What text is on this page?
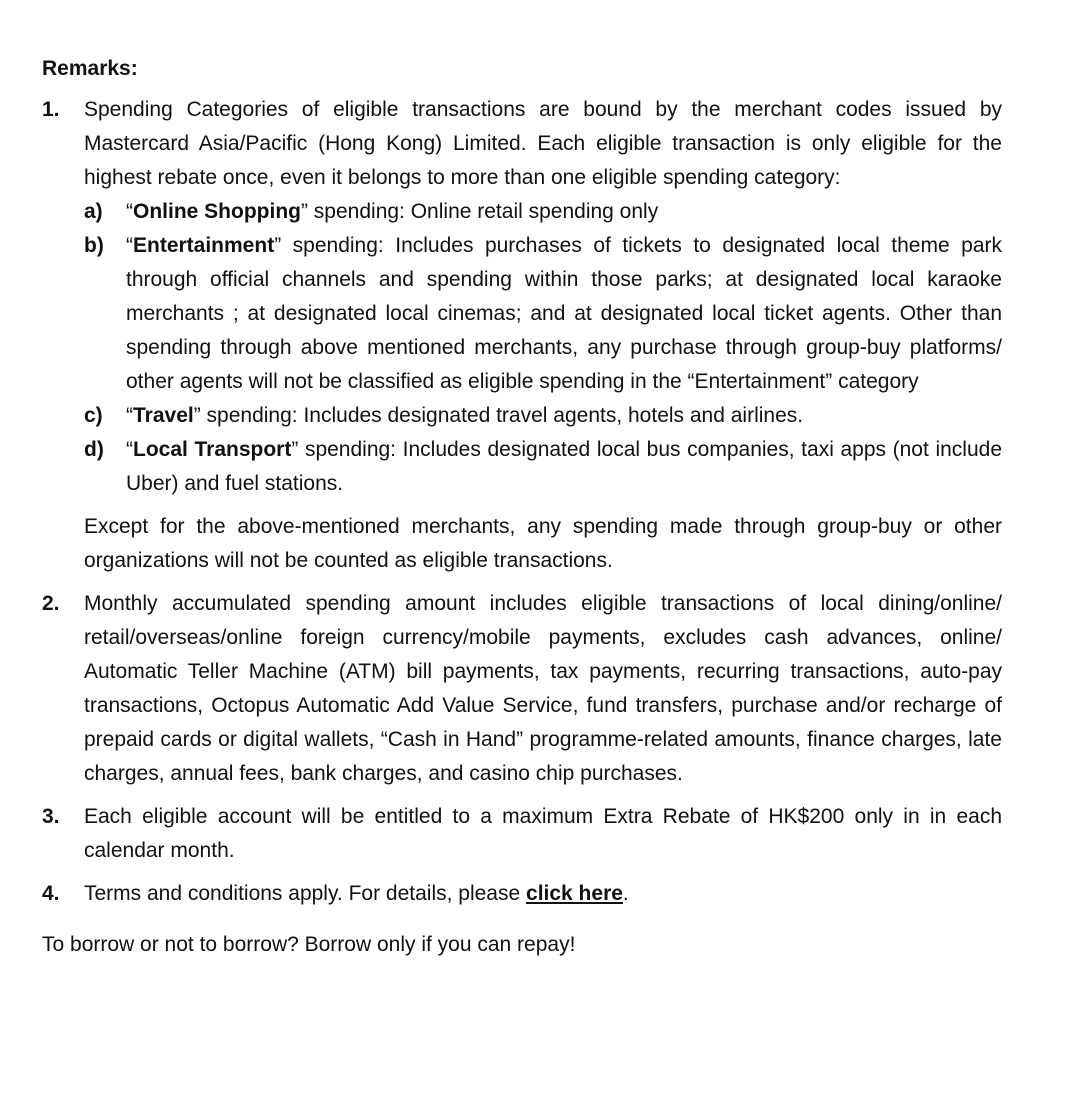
Remarks:
1. Spending Categories of eligible transactions are bound by the merchant codes issued by Mastercard Asia/Pacific (Hong Kong) Limited. Each eligible transaction is only eligible for the highest rebate once, even it belongs to more than one eligible spending category:
a) “Online Shopping” spending: Online retail spending only
b) “Entertainment” spending: Includes purchases of tickets to designated local theme park through official channels and spending within those parks; at designated local karaoke merchants ; at designated local cinemas; and at designated local ticket agents. Other than spending through above mentioned merchants, any purchase through group-buy platforms/ other agents will not be classified as eligible spending in the “Entertainment” category
c) “Travel” spending: Includes designated travel agents, hotels and airlines.
d) “Local Transport” spending: Includes designated local bus companies, taxi apps (not include Uber) and fuel stations.
Except for the above-mentioned merchants, any spending made through group-buy or other organizations will not be counted as eligible transactions.
2. Monthly accumulated spending amount includes eligible transactions of local dining/online/ retail/overseas/online foreign currency/mobile payments, excludes cash advances, online/ Automatic Teller Machine (ATM) bill payments, tax payments, recurring transactions, auto-pay transactions, Octopus Automatic Add Value Service, fund transfers, purchase and/or recharge of prepaid cards or digital wallets, “Cash in Hand” programme-related amounts, finance charges, late charges, annual fees, bank charges, and casino chip purchases.
3. Each eligible account will be entitled to a maximum Extra Rebate of HK$200 only in in each calendar month.
4. Terms and conditions apply. For details, please click here.
To borrow or not to borrow? Borrow only if you can repay!
